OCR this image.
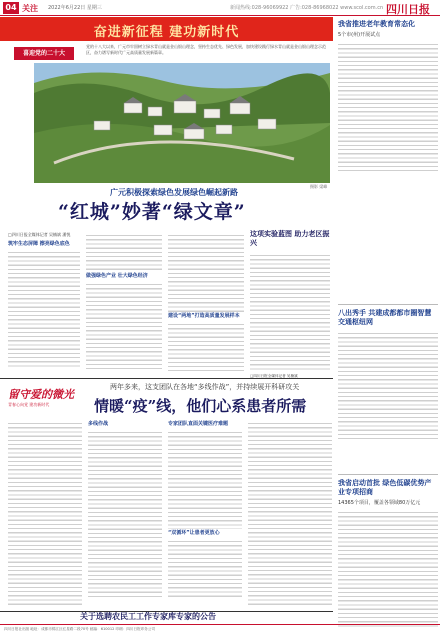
04 关注 2022年6月22日 星期三	新闻热线:028-96069922 广告:028-86968022 www.scol.com.cn 四川日报
奋进新征程 建功新时代
喜迎党的二十大
党的十八大以来，广元市牢固树立绿水青山就是金山银山理念，坚持生态优先、绿色发展，加快建设践行绿水青山就是金山银山理念示范区，奋力谱写新时代广元高质量发展新篇章。
摄影 梁峰
广元积极探索绿色发展绿色崛起新路
“红城”妙著“绿文章”
□四川日报全媒体记者 吴楠斌 潘悦
筑牢生态屏障 擦亮绿色底色
做强绿色产业 壮大绿色经济
建设“两地”打造高质量发展样本
这项实验蓝图 助力老区振兴
□四川日报全媒体记者 吴楠斌
我省推进老年教育常态化
5个市(州)开展试点
八出秀手 共建成都都市圈智慧交通枢纽网
我省启动首批 绿色低碳优势产业专项招商
14365个项目，覆盖各领域80万亿元
留守爱的微光
青春心向党 建功新时代
两年多来，这支团队在各地“多线作战”，并持续展开科研攻关
情暖“疫”线，他们心系患者所需
多线作战	专家团队直面关键医疗难题
“双循环”让患者更放心
关于选聘农民工工作专家库专家的公告
四川日报社出版 地址：成都市锦江区红星路二段70号 邮编：610012 印刷：四川日报印务公司
